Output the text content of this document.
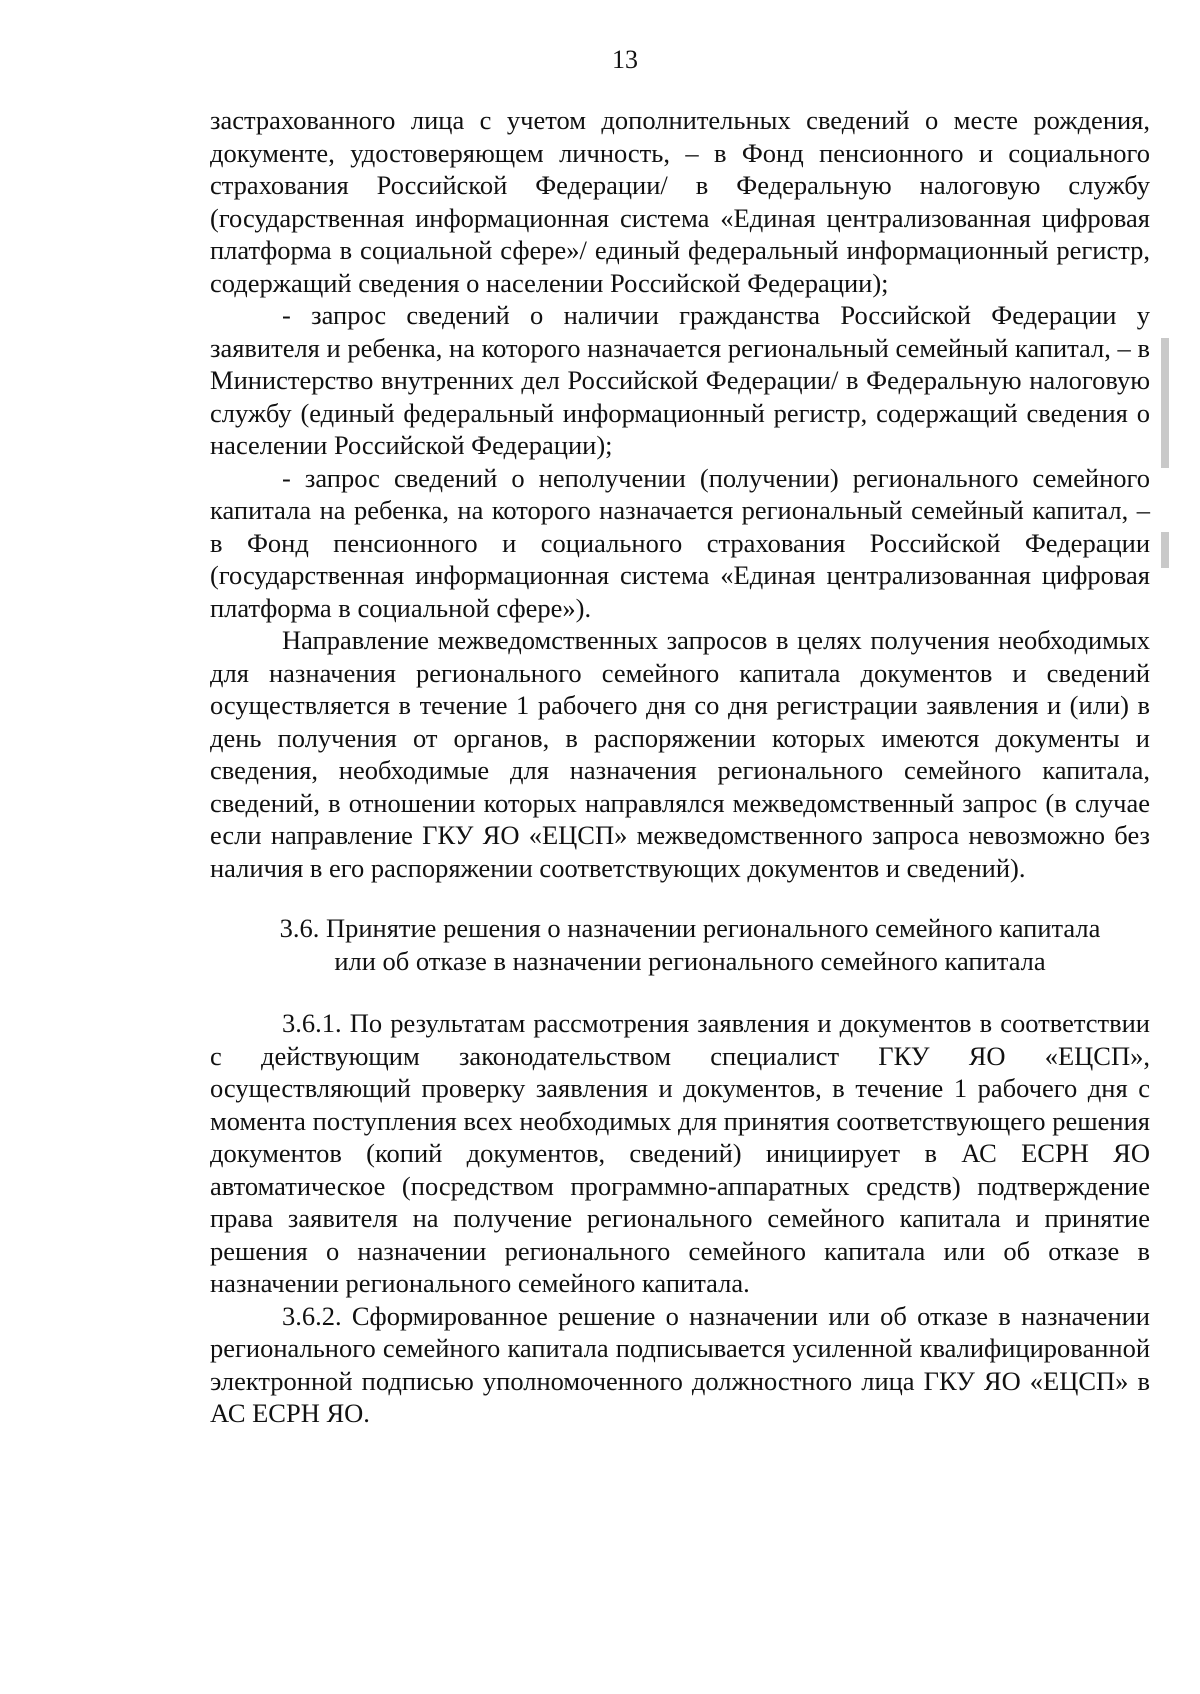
13

застрахованного лица с учетом дополнительных сведений о месте рождения, документе, удостоверяющем личность, – в Фонд пенсионного и социального страхования Российской Федерации/ в Федеральную налоговую службу (государственная информационная система «Единая централизованная цифровая платформа в социальной сфере»/ единый федеральный информационный регистр, содержащий сведения о населении Российской Федерации);

- запрос сведений о наличии гражданства Российской Федерации у заявителя и ребенка, на которого назначается региональный семейный капитал, – в Министерство внутренних дел Российской Федерации/ в Федеральную налоговую службу (единый федеральный информационный регистр, содержащий сведения о населении Российской Федерации);

- запрос сведений о неполучении (получении) регионального семейного капитала на ребенка, на которого назначается региональный семейный капитал, – в Фонд пенсионного и социального страхования Российской Федерации (государственная информационная система «Единая централизованная цифровая платформа в социальной сфере»).

Направление межведомственных запросов в целях получения необходимых для назначения регионального семейного капитала документов и сведений осуществляется в течение 1 рабочего дня со дня регистрации заявления и (или) в день получения от органов, в распоряжении которых имеются документы и сведения, необходимые для назначения регионального семейного капитала, сведений, в отношении которых направлялся межведомственный запрос (в случае если направление ГКУ ЯО «ЕЦСП» межведомственного запроса невозможно без наличия в его распоряжении соответствующих документов и сведений).

3.6. Принятие решения о назначении регионального семейного капитала
или об отказе в назначении регионального семейного капитала

3.6.1. По результатам рассмотрения заявления и документов в соответствии с действующим законодательством специалист ГКУ ЯО «ЕЦСП», осуществляющий проверку заявления и документов, в течение 1 рабочего дня с момента поступления всех необходимых для принятия соответствующего решения документов (копий документов, сведений) инициирует в АС ЕСРН ЯО автоматическое (посредством программно-аппаратных средств) подтверждение права заявителя на получение регионального семейного капитала и принятие решения о назначении регионального семейного капитала или об отказе в назначении регионального семейного капитала.

3.6.2. Сформированное решение о назначении или об отказе в назначении регионального семейного капитала подписывается усиленной квалифицированной электронной подписью уполномоченного должностного лица ГКУ ЯО «ЕЦСП» в АС ЕСРН ЯО.
